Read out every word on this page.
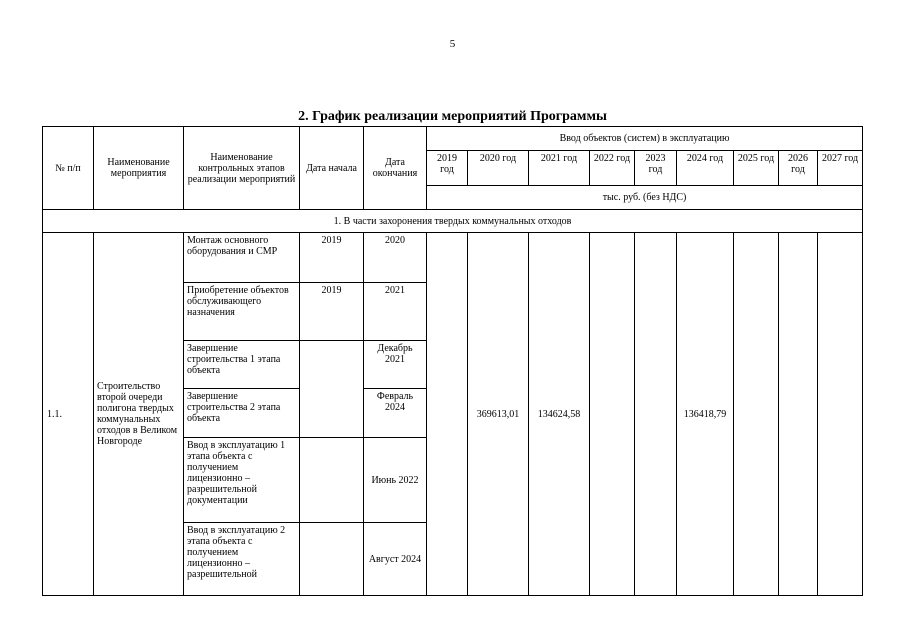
5
2. График реализации мероприятий Программы
№ п/п	Наименование мероприятия	Наименование контрольных этапов реализации мероприятий	Дата начала	Дата окончания	Ввод объектов (систем) в эксплуатацию								
					2019 год	2020 год	2021 год	2022 год	2023 год	2024 год	2025 год	2026 год	2027 год
					тыс. руб. (без НДС)								
1. В части захоронения твердых коммунальных отходов													
1.1.	Строительство второй очереди полигона твердых коммунальных отходов в Великом Новгороде	Монтаж основного оборудования и СМР	2019	2020		369613,01	134624,58			136418,79			
		Приобретение объектов обслуживающего назначения	2019	2021									
		Завершение строительства 1 этапа объекта		Декабрь 2021									
		Завершение строительства 2 этапа объекта		Февраль 2024									
		Ввод в эксплуатацию 1 этапа объекта с получением лицензионно – разрешительной документации		Июнь 2022									
		Ввод в эксплуатацию 2 этапа объекта с получением лицензионно – разрешительной		Август 2024									
